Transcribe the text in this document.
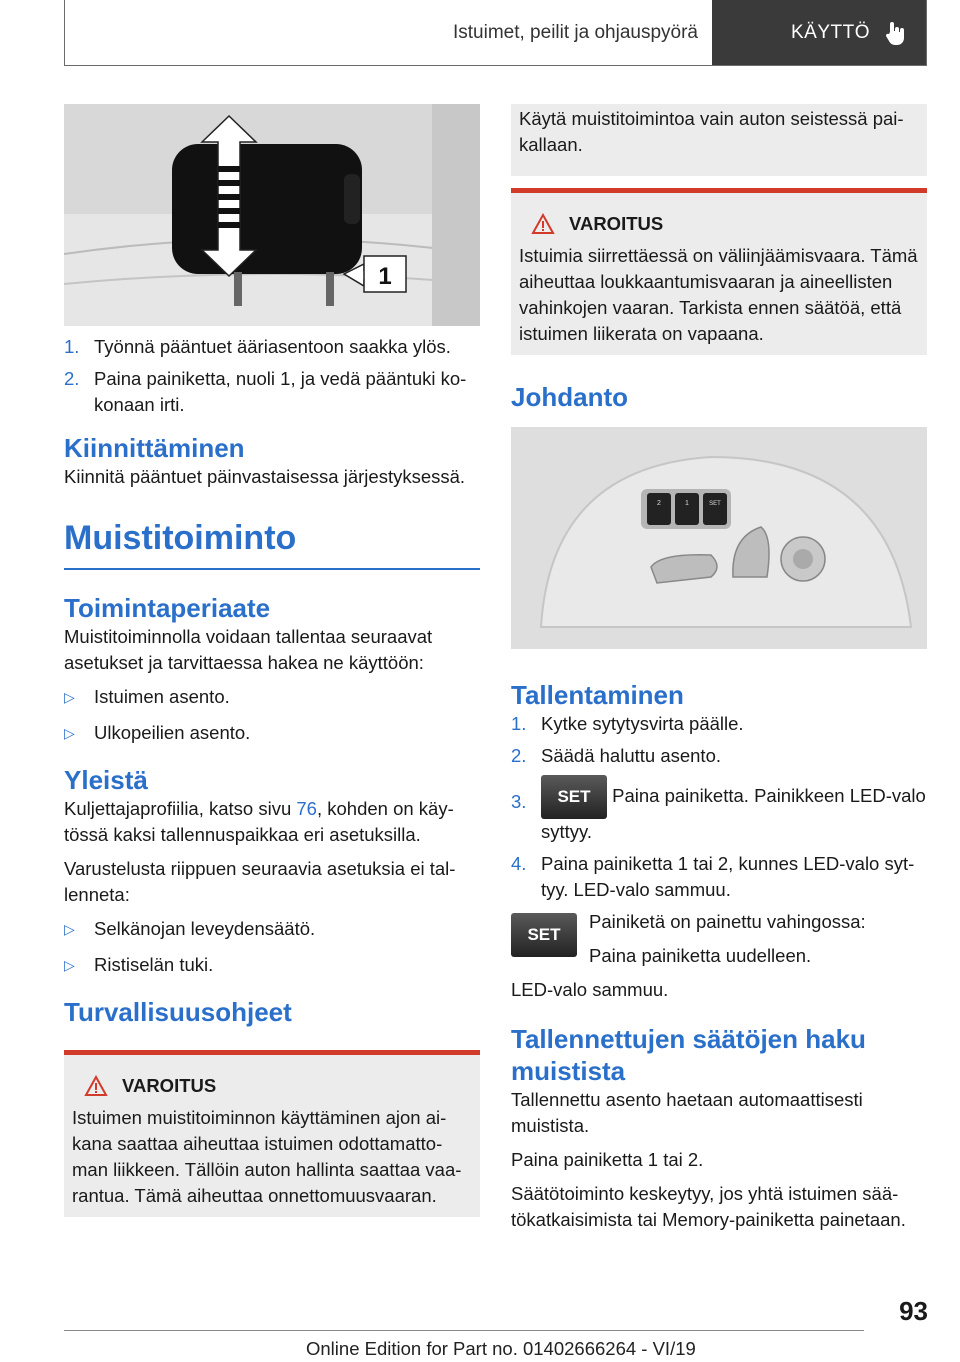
Istuimet, peilit ja ohjauspyörä	KÄYTTÖ
1
1. Työnnä pääntuet ääriasentoon saakka ylös.
2. Paina painiketta, nuoli 1, ja vedä pääntuki ko-konaan irti.
Kiinnittäminen
Kiinnitä pääntuet päinvastaisessa järjestyksessä.
Muistitoiminto
Toimintaperiaate
Muistitoiminnolla voidaan tallentaa seuraavat asetukset ja tarvittaessa hakea ne käyttöön:
▷	Istuimen asento.
▷	Ulkopeilien asento.
Yleistä
Kuljettajaprofiilia, katso sivu 76, kohden on käy-tössä kaksi tallennuspaikkaa eri asetuksilla.
Varustelusta riippuen seuraavia asetuksia ei tal-lenneta:
▷	Selkänojan leveydensäätö.
▷	Ristiselän tuki.
Turvallisuusohjeet
VAROITUS
Istuimen muistitoiminnon käyttäminen ajon ai-kana saattaa aiheuttaa istuimen odottamatto-man liikkeen. Tällöin auton hallinta saattaa vaa-rantua. Tämä aiheuttaa onnettomuusvaaran.
Käytä muistitoimintoa vain auton seistessä pai-kallaan.
VAROITUS
Istuimia siirrettäessä on väliinjäämisvaara. Tämä aiheuttaa loukkaantumisvaaran ja aineellisten vahinkojen vaaran. Tarkista ennen säätöä, että istuimen liikerata on vapaana.
Johdanto
2	1	SET
Tallentaminen
1. Kytke sytytysvirta päälle.
2. Säädä haluttu asento.
3.	SET Paina painiketta. Painikkeen LED-valo syttyy.
4. Paina painiketta 1 tai 2, kunnes LED-valo syt-tyy. LED-valo sammuu.
SET
Painiketä on painettu vahingossa:
Paina painiketta uudelleen.
LED-valo sammuu.
Tallennettujen säätöjen haku muistista
Tallennettu asento haetaan automaattisesti muistista.
Paina painiketta 1 tai 2.
Säätötoiminto keskeytyy, jos yhtä istuimen sää-tökatkaisimista tai Memory-painiketta painetaan.
93
Online Edition for Part no. 01402666264 - VI/19
